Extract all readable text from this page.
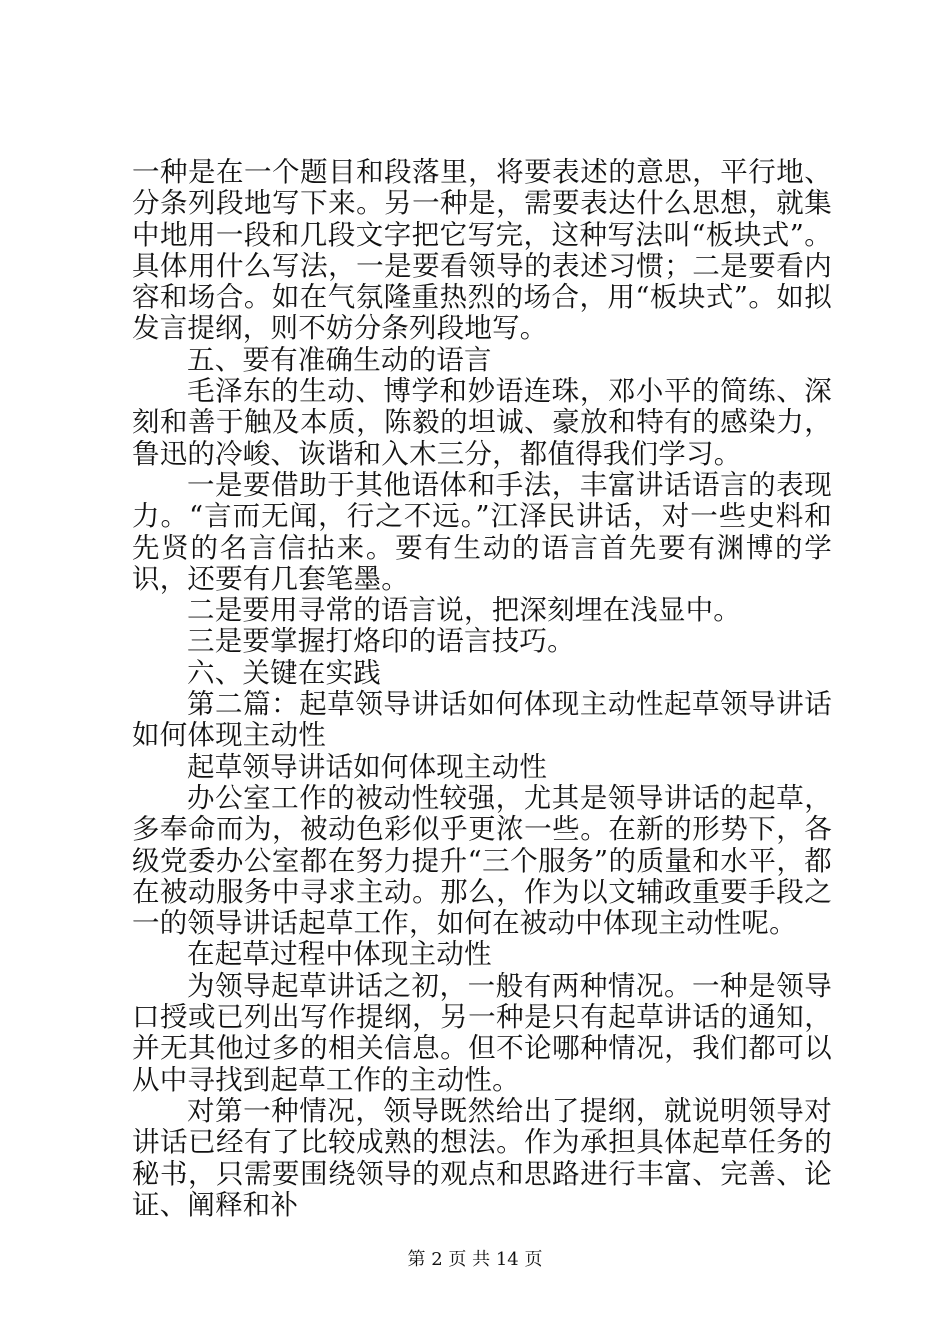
一种是在一个题目和段落里，将要表述的意思，平行地、分条列段地写下来。另一种是，需要表达什么思想，就集中地用一段和几段文字把它写完，这种写法叫“板块式”。具体用什么写法，一是要看领导的表述习惯；二是要看内容和场合。如在气氛隆重热烈的场合，用“板块式”。如拟发言提纲，则不妨分条列段地写。

五、要有准确生动的语言

毛泽东的生动、博学和妙语连珠，邓小平的简练、深刻和善于触及本质，陈毅的坦诚、豪放和特有的感染力，鲁迅的冷峻、诙谐和入木三分，都值得我们学习。

一是要借助于其他语体和手法，丰富讲话语言的表现力。“言而无闻，行之不远。”江泽民讲话，对一些史料和先贤的名言信拈来。要有生动的语言首先要有渊博的学识，还要有几套笔墨。

二是要用寻常的语言说，把深刻埋在浅显中。

三是要掌握打烙印的语言技巧。

六、关键在实践

第二篇：起草领导讲话如何体现主动性起草领导讲话如何体现主动性

起草领导讲话如何体现主动性

办公室工作的被动性较强，尤其是领导讲话的起草，多奉命而为，被动色彩似乎更浓一些。在新的形势下，各级党委办公室都在努力提升“三个服务”的质量和水平，都在被动服务中寻求主动。那么，作为以文辅政重要手段之一的领导讲话起草工作，如何在被动中体现主动性呢。

在起草过程中体现主动性

为领导起草讲话之初，一般有两种情况。一种是领导口授或已列出写作提纲，另一种是只有起草讲话的通知，并无其他过多的相关信息。但不论哪种情况，我们都可以从中寻找到起草工作的主动性。

对第一种情况，领导既然给出了提纲，就说明领导对讲话已经有了比较成熟的想法。作为承担具体起草任务的秘书，只需要围绕领导的观点和思路进行丰富、完善、论证、阐释和补

第 2 页 共 14 页
